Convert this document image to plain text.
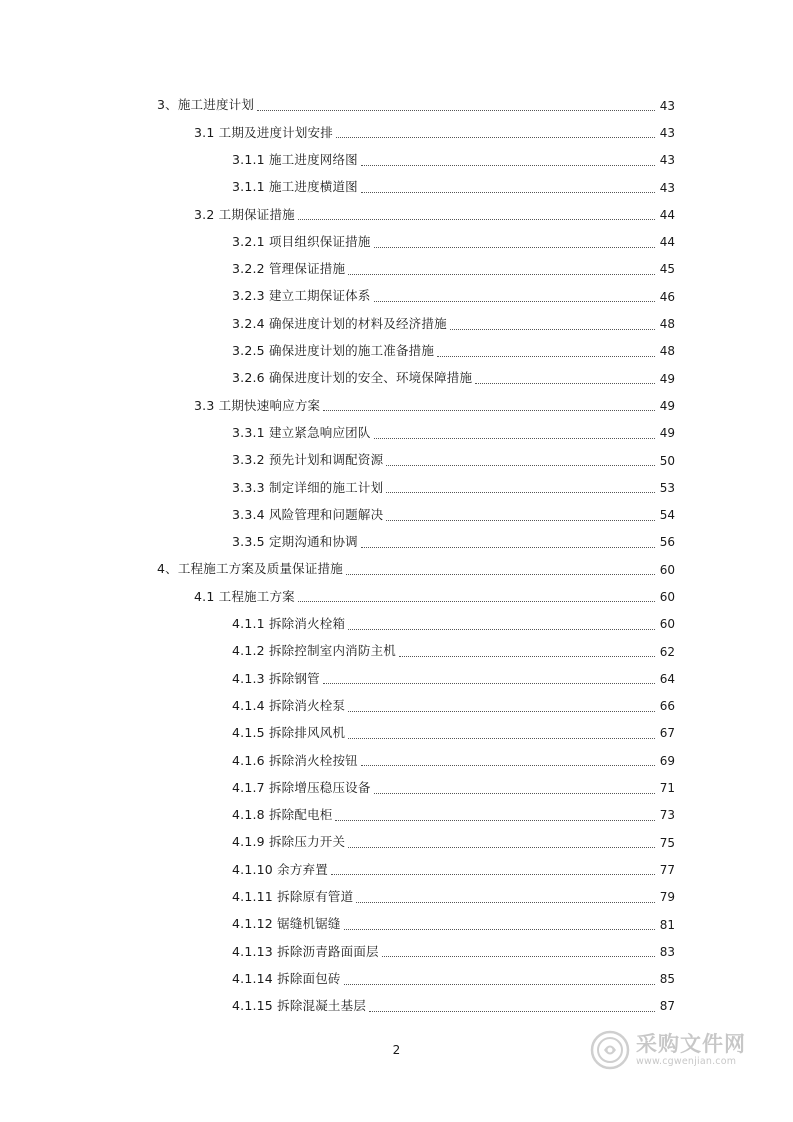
3、施工进度计划	43
3.1 工期及进度计划安排	43
3.1.1 施工进度网络图	43
3.1.1 施工进度横道图	43
3.2 工期保证措施	44
3.2.1 项目组织保证措施	44
3.2.2 管理保证措施	45
3.2.3 建立工期保证体系	46
3.2.4 确保进度计划的材料及经济措施	48
3.2.5 确保进度计划的施工准备措施	48
3.2.6 确保进度计划的安全、环境保障措施	49
3.3 工期快速响应方案	49
3.3.1 建立紧急响应团队	49
3.3.2 预先计划和调配资源	50
3.3.3 制定详细的施工计划	53
3.3.4 风险管理和问题解决	54
3.3.5 定期沟通和协调	56
4、工程施工方案及质量保证措施	60
4.1 工程施工方案	60
4.1.1 拆除消火栓箱	60
4.1.2 拆除控制室内消防主机	62
4.1.3 拆除钢管	64
4.1.4 拆除消火栓泵	66
4.1.5 拆除排风风机	67
4.1.6 拆除消火栓按钮	69
4.1.7 拆除增压稳压设备	71
4.1.8 拆除配电柜	73
4.1.9 拆除压力开关	75
4.1.10 余方弃置	77
4.1.11 拆除原有管道	79
4.1.12 锯缝机锯缝	81
4.1.13 拆除沥青路面面层	83
4.1.14 拆除面包砖	85
4.1.15 拆除混凝土基层	87
2	采购文件网
www.cgwenjian.com
